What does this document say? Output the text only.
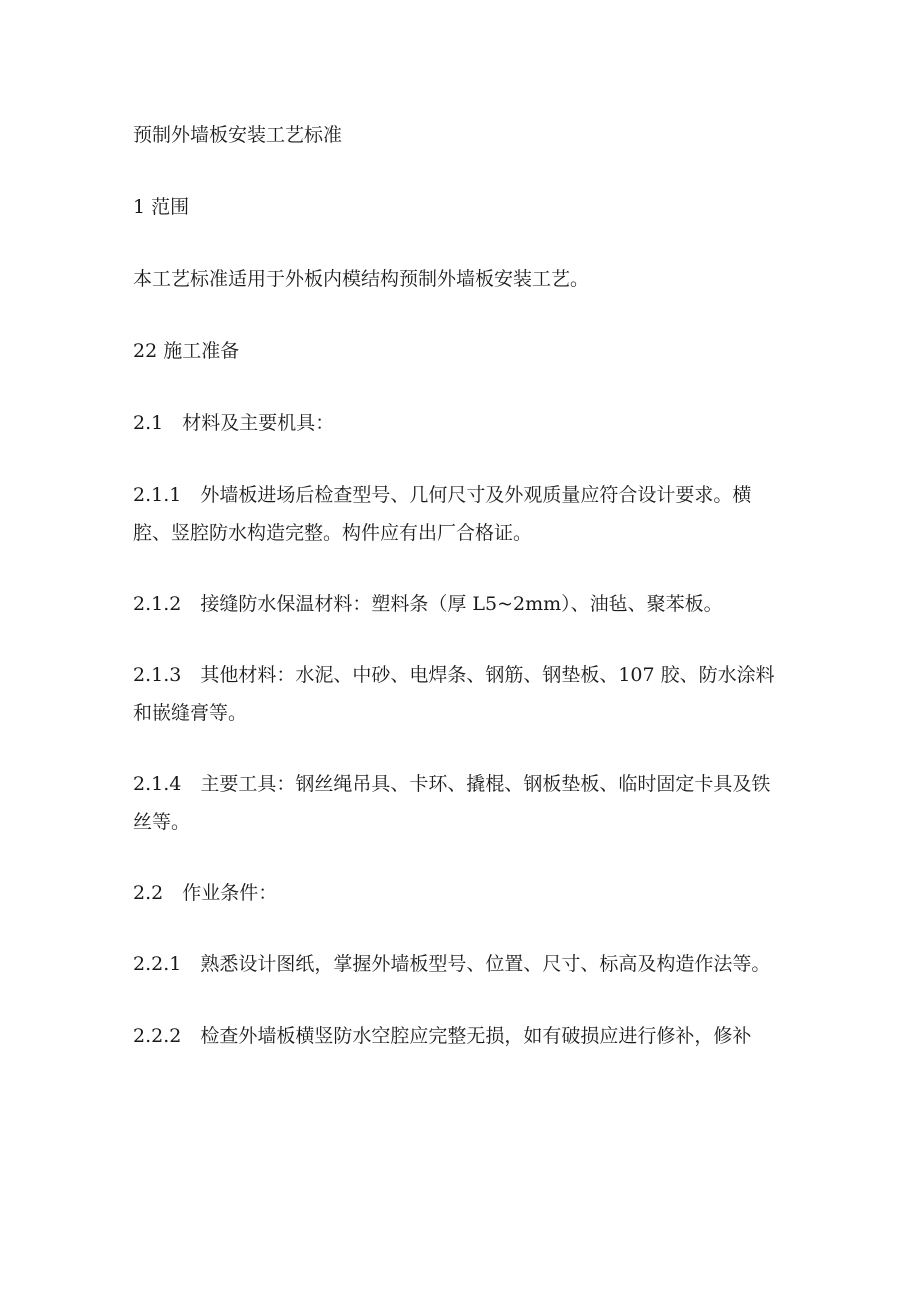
预制外墙板安装工艺标准

1 范围

本工艺标准适用于外板内模结构预制外墙板安装工艺。

22 施工准备

2.1　材料及主要机具：

2.1.1　外墙板进场后检查型号、几何尺寸及外观质量应符合设计要求。横腔、竖腔防水构造完整。构件应有出厂合格证。

2.1.2　接缝防水保温材料：塑料条（厚 L5~2mm）、油毡、聚苯板。

2.1.3　其他材料：水泥、中砂、电焊条、钢筋、钢垫板、107 胶、防水涂料和嵌缝膏等。

2.1.4　主要工具：钢丝绳吊具、卡环、撬棍、钢板垫板、临时固定卡具及铁丝等。

2.2　作业条件：

2.2.1　熟悉设计图纸，掌握外墙板型号、位置、尺寸、标高及构造作法等。

2.2.2　检查外墙板横竖防水空腔应完整无损，如有破损应进行修补，修补
